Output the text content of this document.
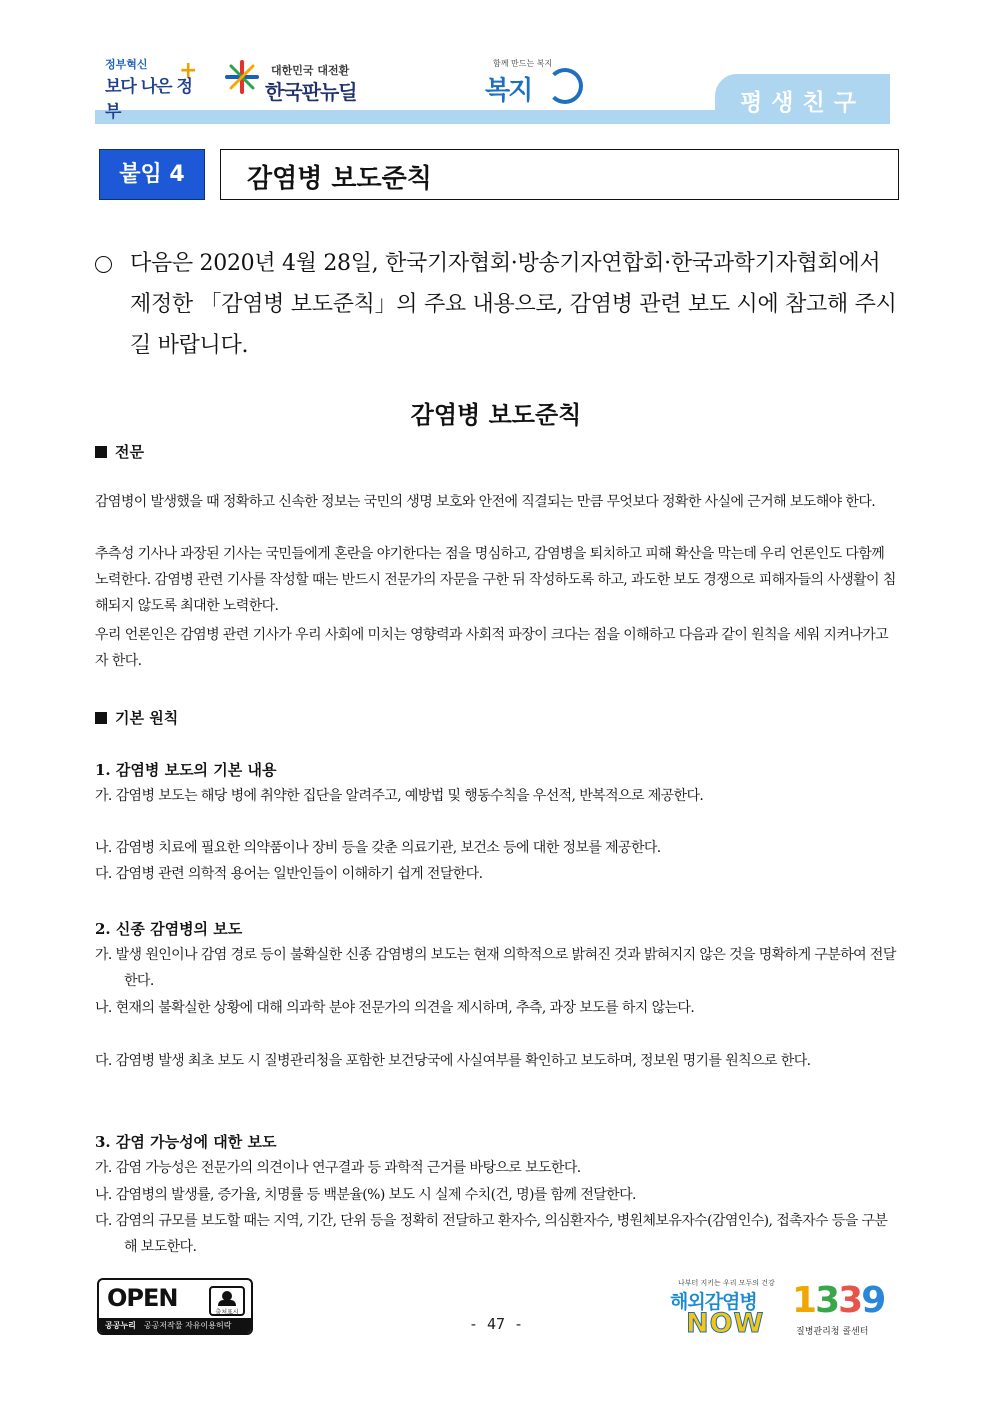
평생친구
정부혁신
보다 나은 정부
+	대한민국 대전환
한국판뉴딜
함께 만드는 복지
복지
붙임 4	감염병 보도준칙
다음은 2020년 4월 28일, 한국기자협회·방송기자연합회·한국과학기자협회에서 제정한 「감염병 보도준칙」의 주요 내용으로, 감염병 관련 보도 시에 참고해 주시길 바랍니다.
감염병 보도준칙
전문
감염병이 발생했을 때 정확하고 신속한 정보는 국민의 생명 보호와 안전에 직결되는 만큼 무엇보다 정확한 사실에 근거해 보도해야 한다.
추측성 기사나 과장된 기사는 국민들에게 혼란을 야기한다는 점을 명심하고, 감염병을 퇴치하고 피해 확산을 막는데 우리 언론인도 다함께 노력한다. 감염병 관련 기사를 작성할 때는 반드시 전문가의 자문을 구한 뒤 작성하도록 하고, 과도한 보도 경쟁으로 피해자들의 사생활이 침해되지 않도록 최대한 노력한다.
우리 언론인은 감염병 관련 기사가 우리 사회에 미치는 영향력과 사회적 파장이 크다는 점을 이해하고 다음과 같이 원칙을 세워 지켜나가고자 한다.
기본 원칙
1. 감염병 보도의 기본 내용
가. 감염병 보도는 해당 병에 취약한 집단을 알려주고, 예방법 및 행동수칙을 우선적, 반복적으로 제공한다.
나. 감염병 치료에 필요한 의약품이나 장비 등을 갖춘 의료기관, 보건소 등에 대한 정보를 제공한다.
다. 감염병 관련 의학적 용어는 일반인들이 이해하기 쉽게 전달한다.
2. 신종 감염병의 보도
가. 발생 원인이나 감염 경로 등이 불확실한 신종 감염병의 보도는 현재 의학적으로 밝혀진 것과 밝혀지지 않은 것을 명확하게 구분하여 전달한다.
나. 현재의 불확실한 상황에 대해 의과학 분야 전문가의 의견을 제시하며, 추측, 과장 보도를 하지 않는다.
다. 감염병 발생 최초 보도 시 질병관리청을 포함한 보건당국에 사실여부를 확인하고 보도하며, 정보원 명기를 원칙으로 한다.
3. 감염 가능성에 대한 보도
가. 감염 가능성은 전문가의 의견이나 연구결과 등 과학적 근거를 바탕으로 보도한다.
나. 감염병의 발생률, 증가율, 치명률 등 백분율(%) 보도 시 실제 수치(건, 명)를 함께 전달한다.
다. 감염의 규모를 보도할 때는 지역, 기간, 단위 등을 정확히 전달하고 환자수, 의심환자수, 병원체보유자수(감염인수), 접촉자수 등을 구분해 보도한다.
OPEN
출처표시
공공누리 공공저작물 자유이용허락	- 47 -
나부터 지키는 우리 모두의 건강
해외감염병
NOW
1339
질병관리청 콜센터
